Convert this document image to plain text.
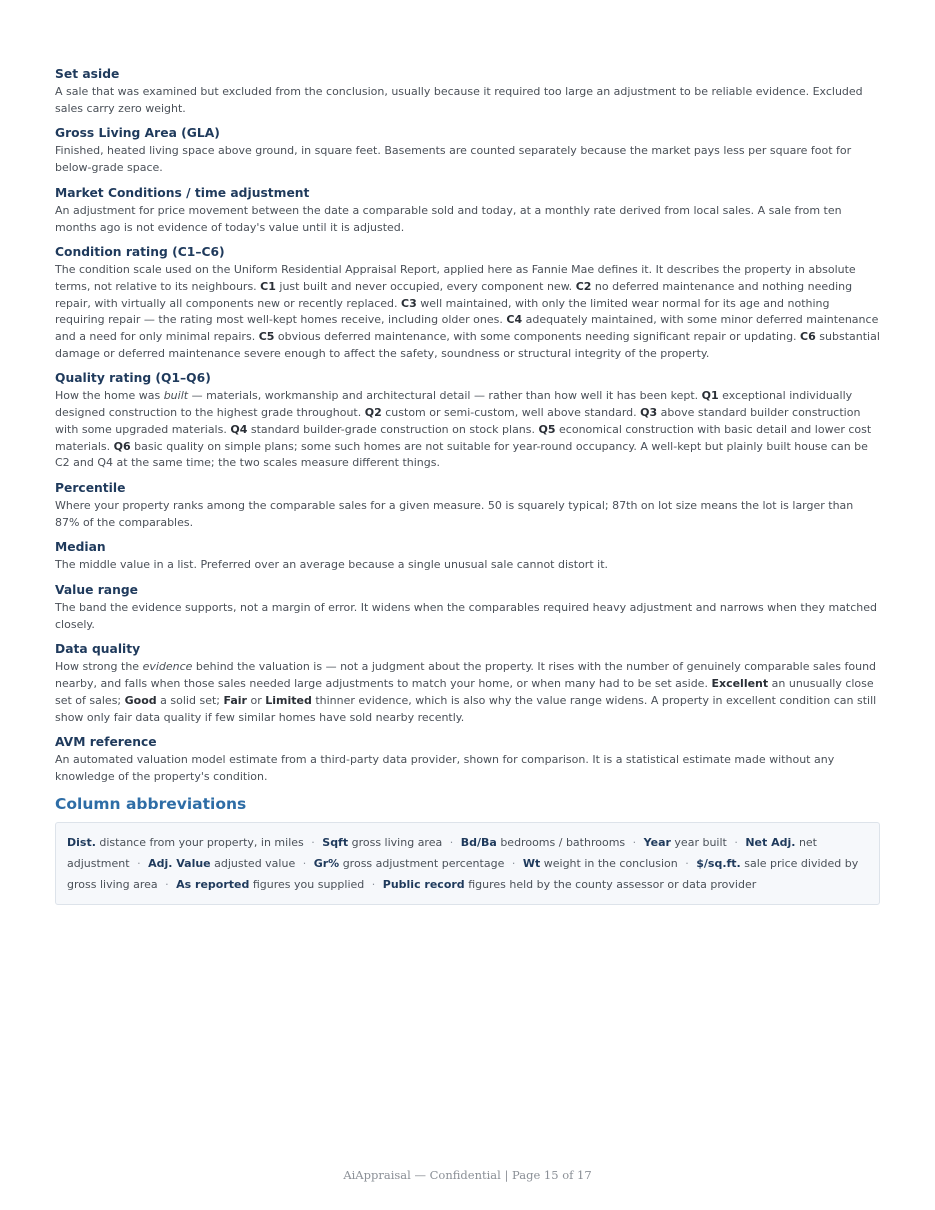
Set aside

A sale that was examined but excluded from the conclusion, usually because it required too large an adjustment to be reliable evidence. Excluded sales carry zero weight.

Gross Living Area (GLA)

Finished, heated living space above ground, in square feet. Basements are counted separately because the market pays less per square foot for below-grade space.

Market Conditions / time adjustment

An adjustment for price movement between the date a comparable sold and today, at a monthly rate derived from local sales. A sale from ten months ago is not evidence of today's value until it is adjusted.

Condition rating (C1–C6)

The condition scale used on the Uniform Residential Appraisal Report, applied here as Fannie Mae defines it. It describes the property in absolute terms, not relative to its neighbours. C1 just built and never occupied, every component new. C2 no deferred maintenance and nothing needing repair, with virtually all components new or recently replaced. C3 well maintained, with only the limited wear normal for its age and nothing requiring repair — the rating most well-kept homes receive, including older ones. C4 adequately maintained, with some minor deferred maintenance and a need for only minimal repairs. C5 obvious deferred maintenance, with some components needing significant repair or updating. C6 substantial damage or deferred maintenance severe enough to affect the safety, soundness or structural integrity of the property.

Quality rating (Q1–Q6)

How the home was built — materials, workmanship and architectural detail — rather than how well it has been kept. Q1 exceptional individually designed construction to the highest grade throughout. Q2 custom or semi-custom, well above standard. Q3 above standard builder construction with some upgraded materials. Q4 standard builder-grade construction on stock plans. Q5 economical construction with basic detail and lower cost materials. Q6 basic quality on simple plans; some such homes are not suitable for year-round occupancy. A well-kept but plainly built house can be C2 and Q4 at the same time; the two scales measure different things.

Percentile

Where your property ranks among the comparable sales for a given measure. 50 is squarely typical; 87th on lot size means the lot is larger than 87% of the comparables.

Median

The middle value in a list. Preferred over an average because a single unusual sale cannot distort it.

Value range

The band the evidence supports, not a margin of error. It widens when the comparables required heavy adjustment and narrows when they matched closely.

Data quality

How strong the evidence behind the valuation is — not a judgment about the property. It rises with the number of genuinely comparable sales found nearby, and falls when those sales needed large adjustments to match your home, or when many had to be set aside. Excellent an unusually close set of sales; Good a solid set; Fair or Limited thinner evidence, which is also why the value range widens. A property in excellent condition can still show only fair data quality if few similar homes have sold nearby recently.

AVM reference

An automated valuation model estimate from a third-party data provider, shown for comparison. It is a statistical estimate made without any knowledge of the property's condition.

Column abbreviations
Dist. distance from your property, in miles · Sqft gross living area · Bd/Ba bedrooms / bathrooms · Year year built · Net Adj. net adjustment · Adj. Value adjusted value · Gr% gross adjustment percentage · Wt weight in the conclusion · $/sq.ft. sale price divided by gross living area · As reported figures you supplied · Public record figures held by the county assessor or data provider
AiAppraisal — Confidential | Page 15 of 17
